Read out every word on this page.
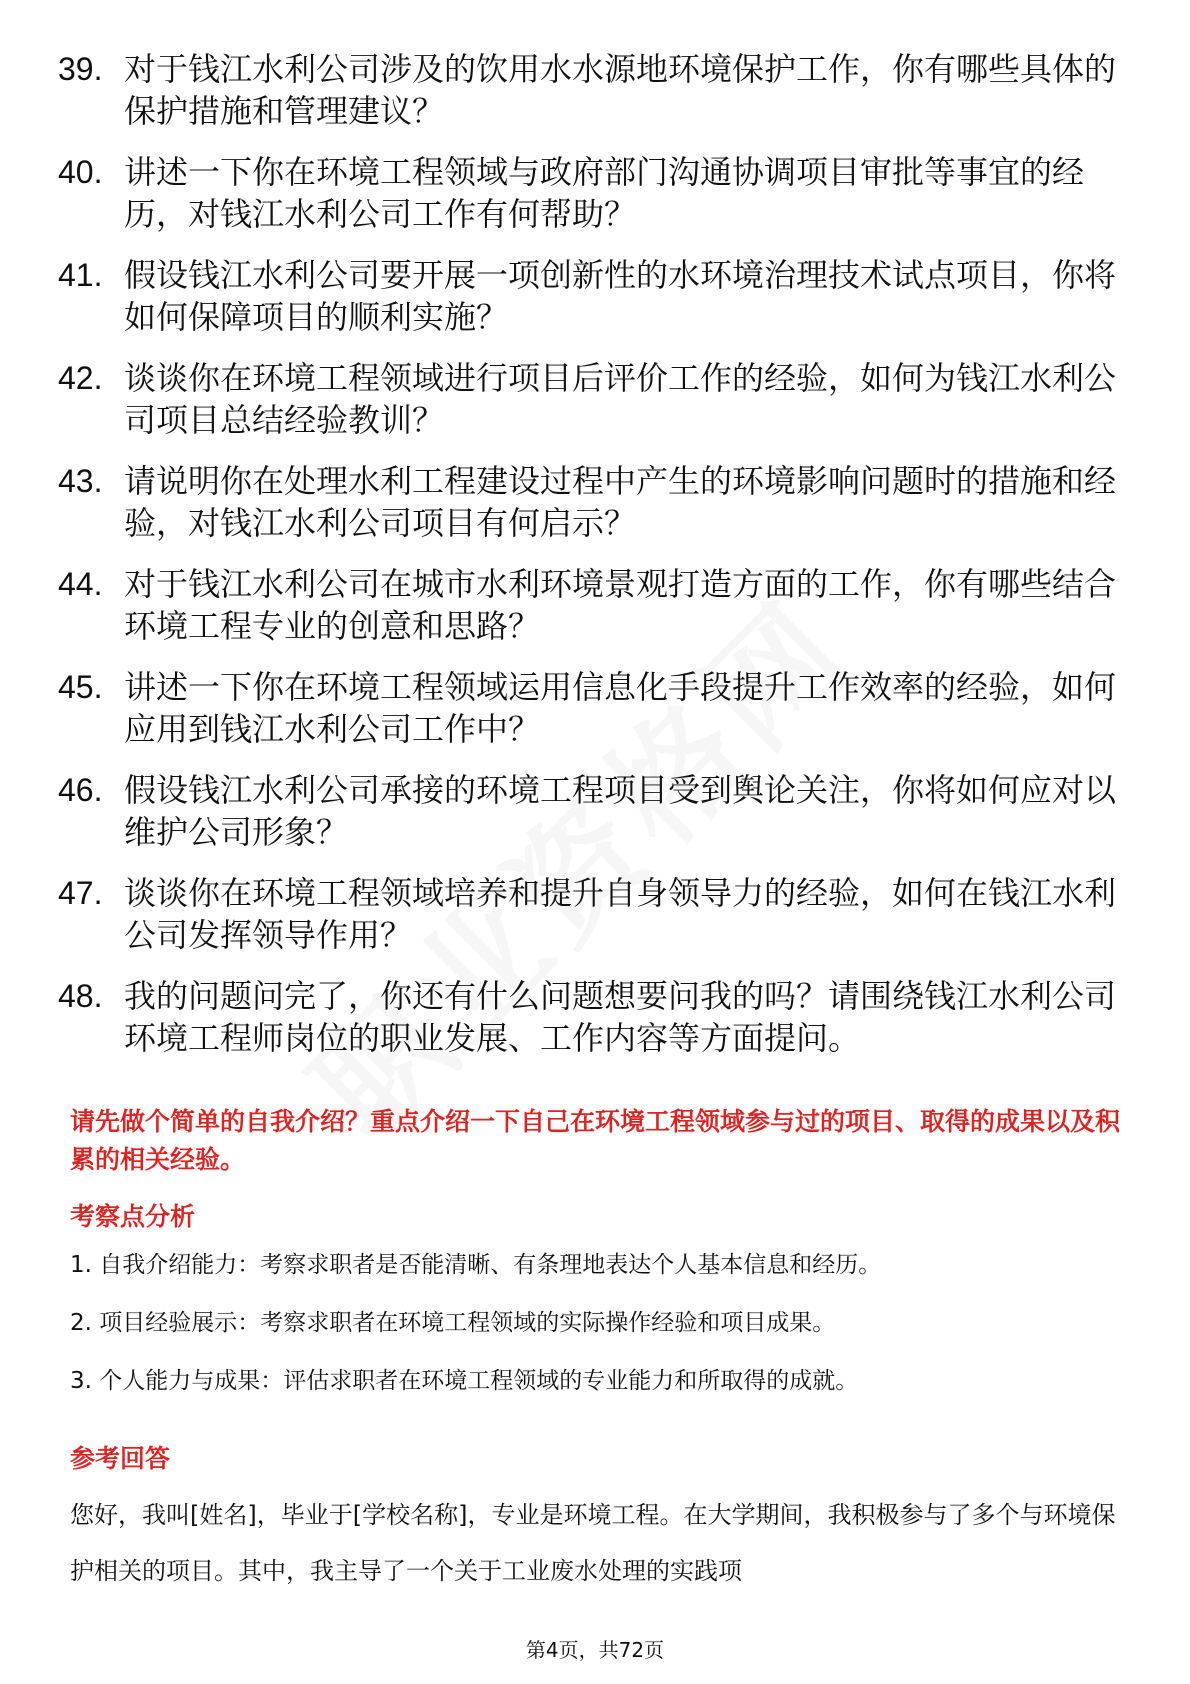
39. 对于钱江水利公司涉及的饮用水水源地环境保护工作，你有哪些具体的保护措施和管理建议？
40. 讲述一下你在环境工程领域与政府部门沟通协调项目审批等事宜的经历，对钱江水利公司工作有何帮助？
41. 假设钱江水利公司要开展一项创新性的水环境治理技术试点项目，你将如何保障项目的顺利实施？
42. 谈谈你在环境工程领域进行项目后评价工作的经验，如何为钱江水利公司项目总结经验教训？
43. 请说明你在处理水利工程建设过程中产生的环境影响问题时的措施和经验，对钱江水利公司项目有何启示？
44. 对于钱江水利公司在城市水利环境景观打造方面的工作，你有哪些结合环境工程专业的创意和思路？
45. 讲述一下你在环境工程领域运用信息化手段提升工作效率的经验，如何应用到钱江水利公司工作中？
46. 假设钱江水利公司承接的环境工程项目受到舆论关注，你将如何应对以维护公司形象？
47. 谈谈你在环境工程领域培养和提升自身领导力的经验，如何在钱江水利公司发挥领导作用？
48. 我的问题问完了，你还有什么问题想要问我的吗？请围绕钱江水利公司环境工程师岗位的职业发展、工作内容等方面提问。
请先做个简单的自我介绍？重点介绍一下自己在环境工程领域参与过的项目、取得的成果以及积累的相关经验。
考察点分析
1. 自我介绍能力：考察求职者是否能清晰、有条理地表达个人基本信息和经历。
2. 项目经验展示：考察求职者在环境工程领域的实际操作经验和项目成果。
3. 个人能力与成果：评估求职者在环境工程领域的专业能力和所取得的成就。
参考回答
您好，我叫[姓名]，毕业于[学校名称]，专业是环境工程。在大学期间，我积极参与了多个与环境保护相关的项目。其中，我主导了一个关于工业废水处理的实践项
第4页，共72页
